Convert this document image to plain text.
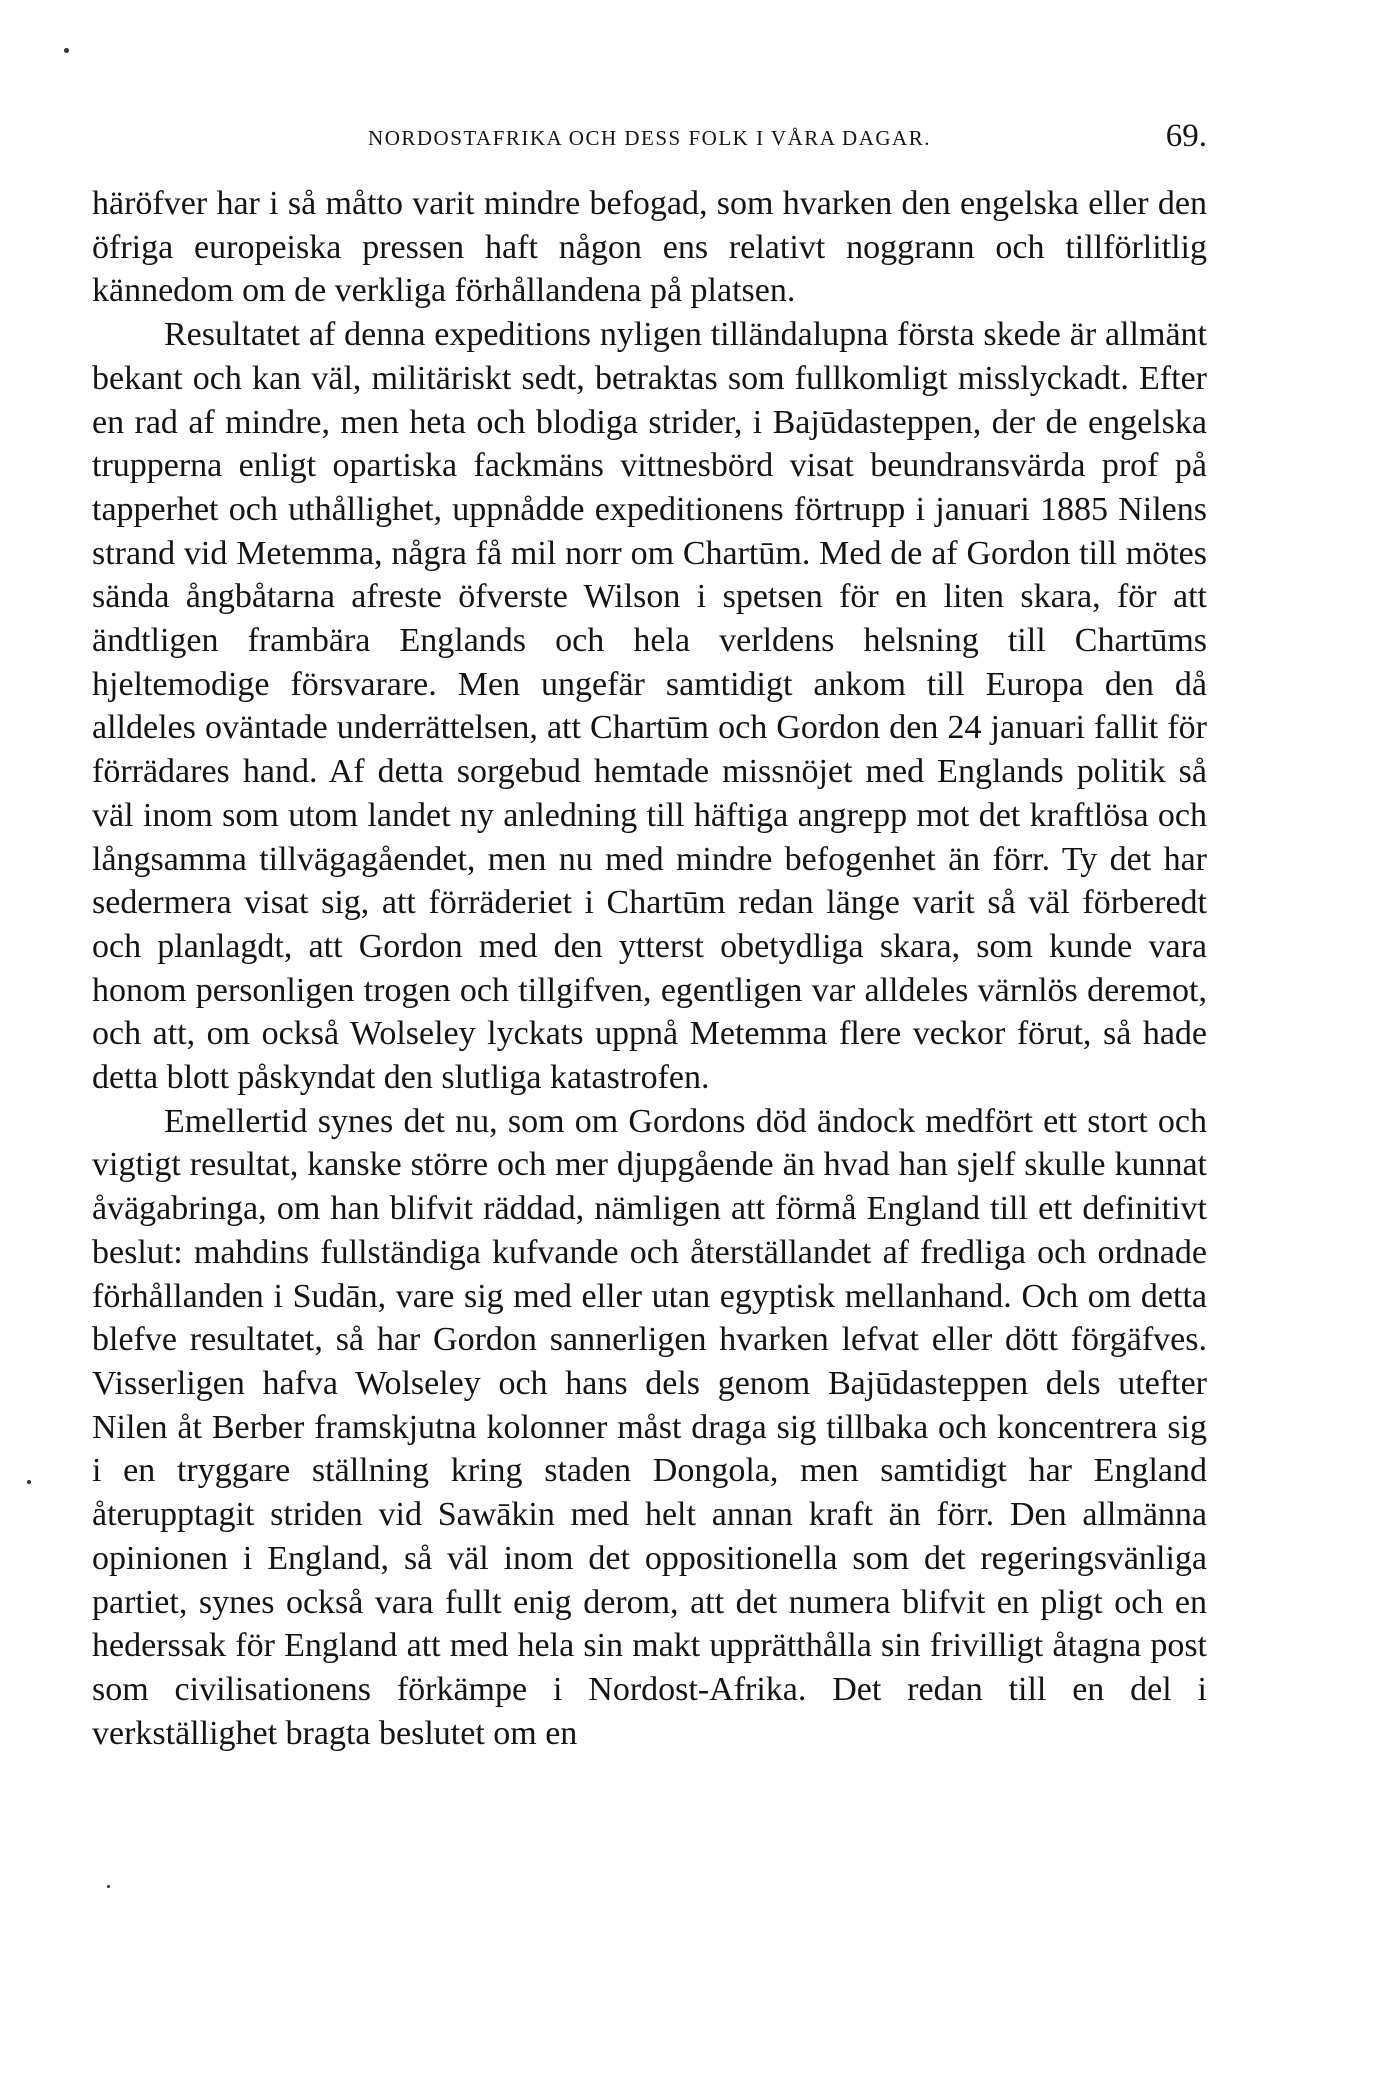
NORDOSTAFRIKA OCH DESS FOLK I VÅRA DAGAR.	69.

häröfver har i så måtto varit mindre befogad, som hvarken den engelska eller den öfriga europeiska pressen haft någon ens relativt noggrann och tillförlitlig kännedom om de verkliga förhållandena på platsen.

Resultatet af denna expeditions nyligen tilländalupna första skede är allmänt bekant och kan väl, militäriskt sedt, betraktas som fullkomligt misslyckadt. Efter en rad af mindre, men heta och blodiga strider, i Bajūdasteppen, der de engelska trupperna enligt opartiska fackmäns vittnesbörd visat beundransvärda prof på tapperhet och uthållighet, uppnådde expeditionens förtrupp i januari 1885 Nilens strand vid Metemma, några få mil norr om Chartūm. Med de af Gordon till mötes sända ångbåtarna afreste öfverste Wilson i spetsen för en liten skara, för att ändtligen frambära Englands och hela verldens helsning till Chartūms hjeltemodige försvarare. Men ungefär samtidigt ankom till Europa den då alldeles oväntade underrättelsen, att Chartūm och Gordon den 24 januari fallit för förrädares hand. Af detta sorgebud hemtade missnöjet med Englands politik så väl inom som utom landet ny anledning till häftiga angrepp mot det kraftlösa och långsamma tillvägagåendet, men nu med mindre befogenhet än förr. Ty det har sedermera visat sig, att förräderiet i Chartūm redan länge varit så väl förberedt och planlagdt, att Gordon med den ytterst obetydliga skara, som kunde vara honom personligen trogen och tillgifven, egentligen var alldeles värnlös deremot, och att, om också Wolseley lyckats uppnå Metemma flere veckor förut, så hade detta blott påskyndat den slutliga katastrofen.

Emellertid synes det nu, som om Gordons död ändock medfört ett stort och vigtigt resultat, kanske större och mer djupgående än hvad han sjelf skulle kunnat åvägabringa, om han blifvit räddad, nämligen att förmå England till ett definitivt beslut: mahdins fullständiga kufvande och återställandet af fredliga och ordnade förhållanden i Sudān, vare sig med eller utan egyptisk mellanhand. Och om detta blefve resultatet, så har Gordon sannerligen hvarken lefvat eller dött förgäfves. Visserligen hafva Wolseley och hans dels genom Bajūdasteppen dels utefter Nilen åt Berber framskjutna kolonner måst draga sig tillbaka och koncentrera sig i en tryggare ställning kring staden Dongola, men samtidigt har England återupptagit striden vid Sawākin med helt annan kraft än förr. Den allmänna opinionen i England, så väl inom det oppositionella som det regeringsvänliga partiet, synes också vara fullt enig derom, att det numera blifvit en pligt och en hederssak för England att med hela sin makt upprätthålla sin frivilligt åtagna post som civilisationens förkämpe i Nordost-Afrika. Det redan till en del i verkställighet bragta beslutet om en
